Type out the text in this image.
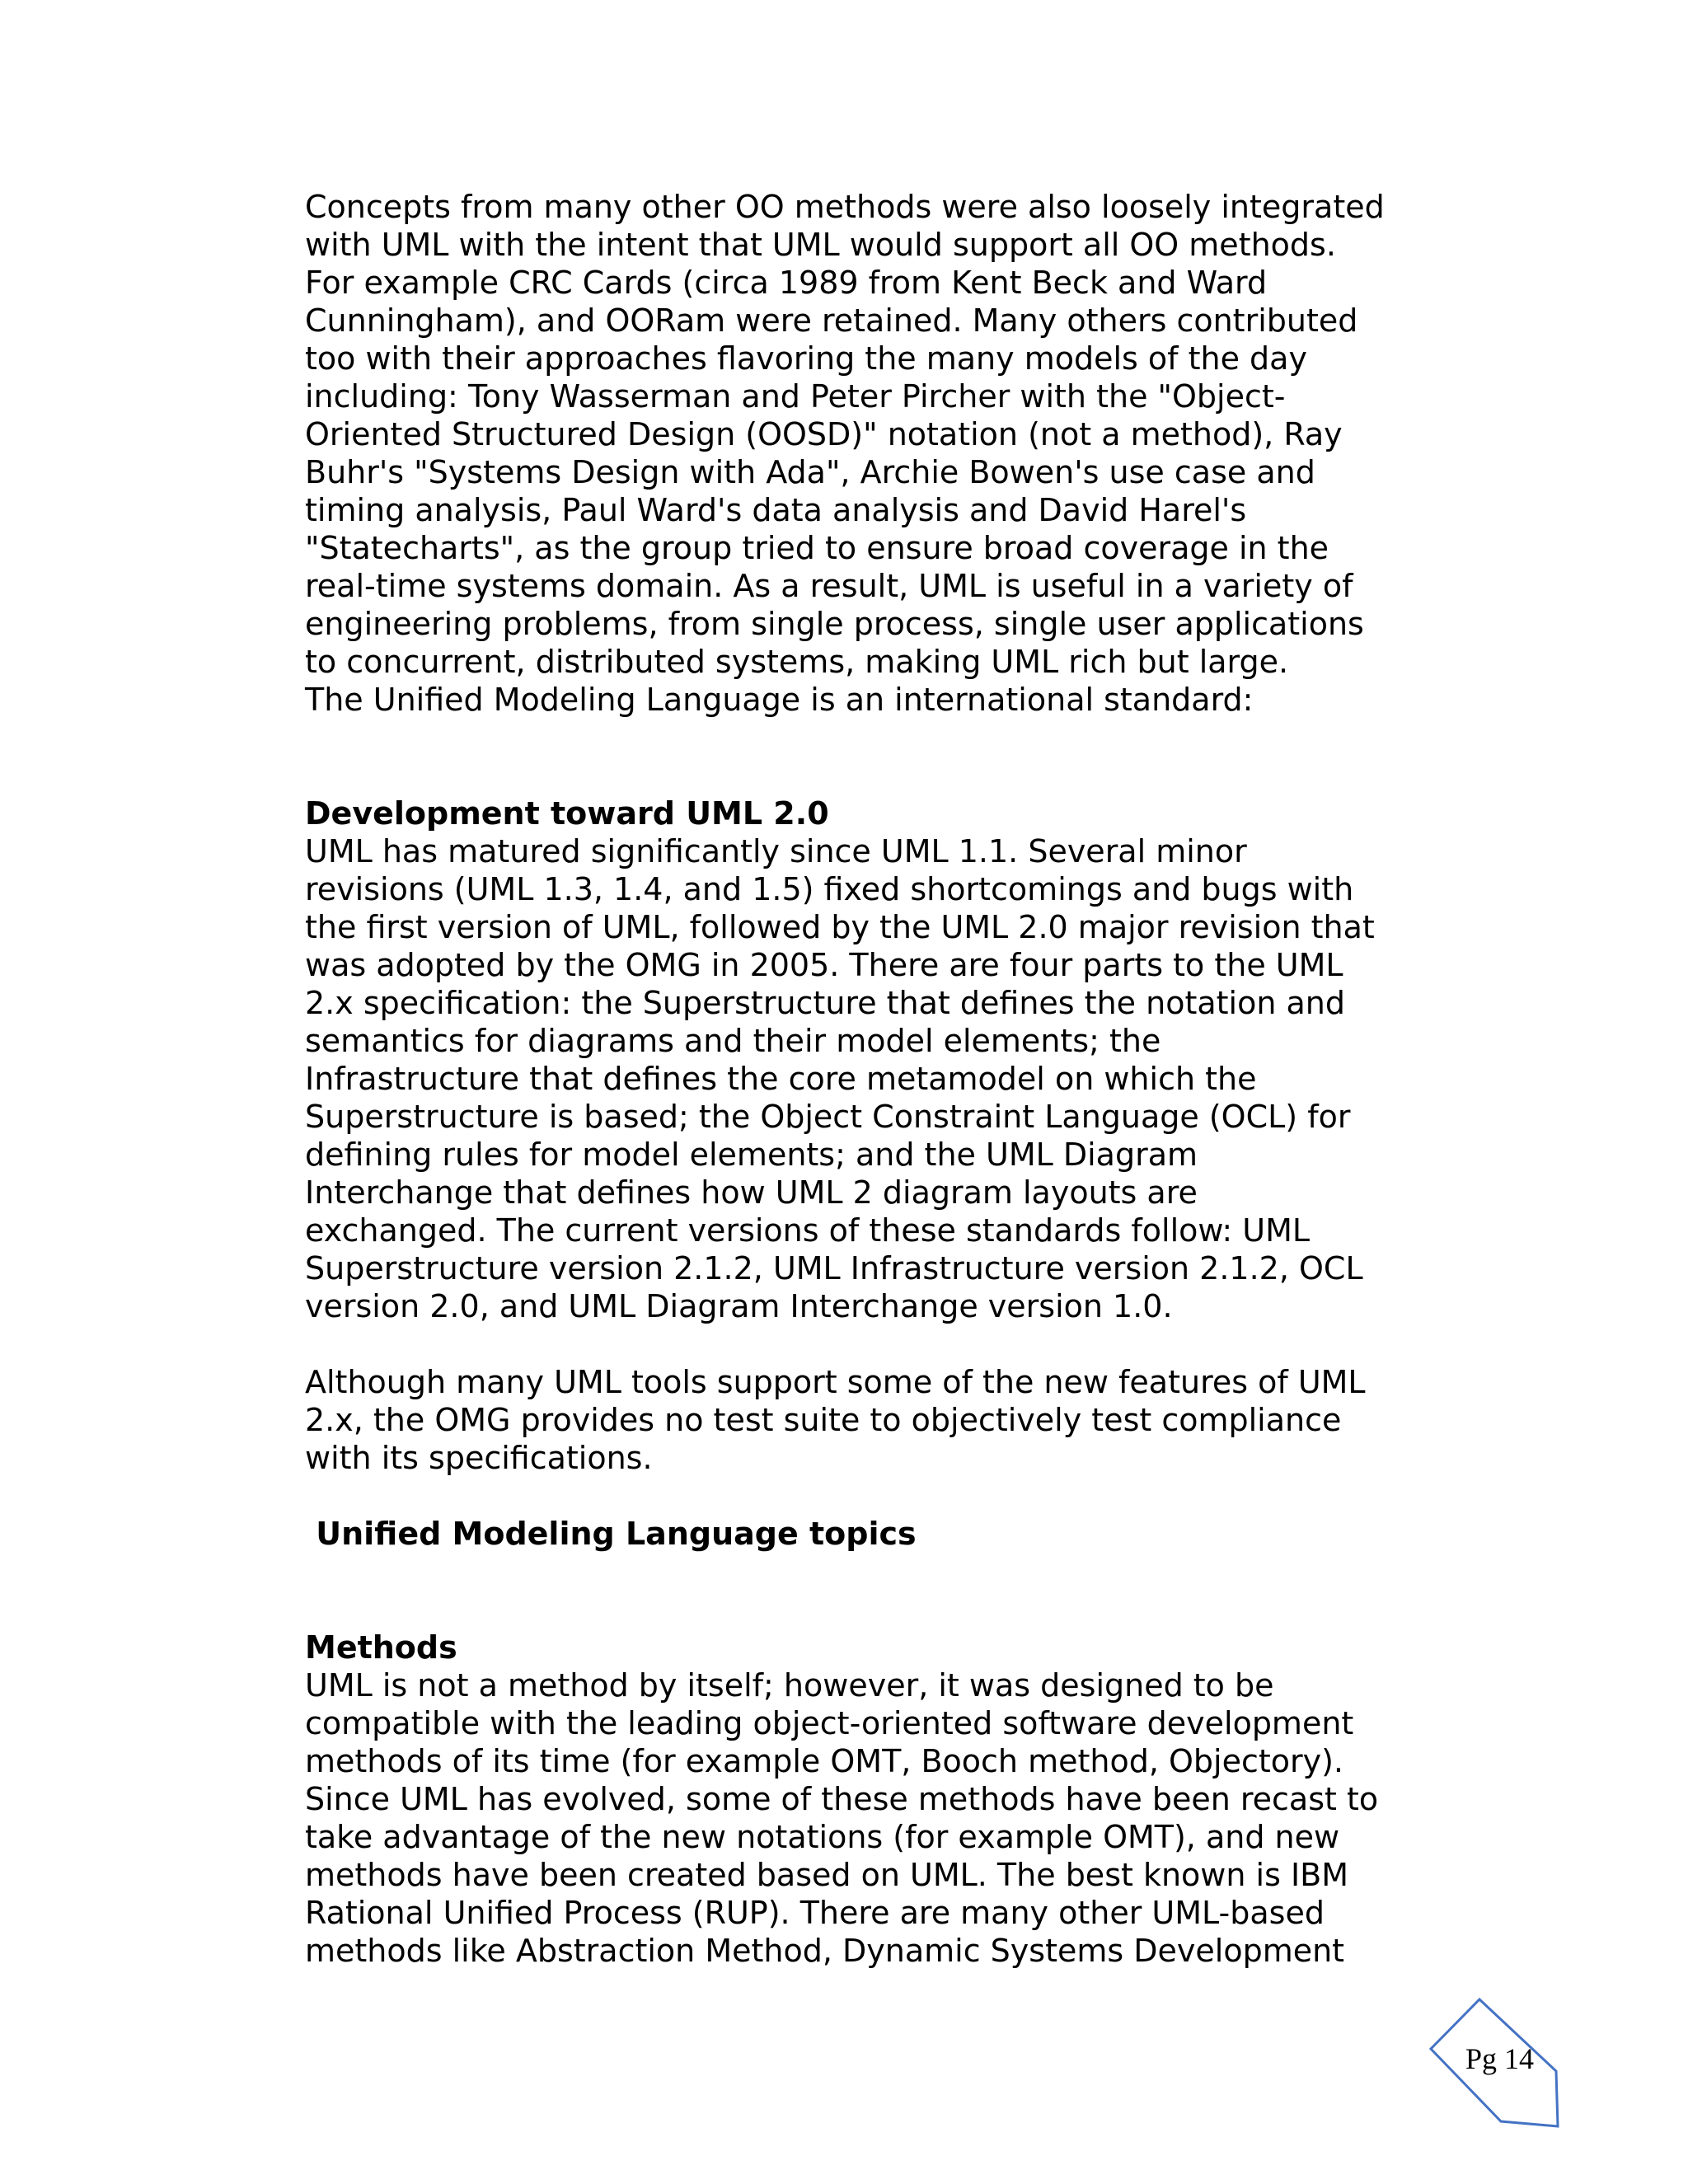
Concepts from many other OO methods were also loosely integrated

with UML with the intent that UML would support all OO methods.

For example CRC Cards (circa 1989 from Kent Beck and Ward

Cunningham), and OORam were retained. Many others contributed

too with their approaches flavoring the many models of the day

including: Tony Wasserman and Peter Pircher with the "Object-

Oriented Structured Design (OOSD)" notation (not a method), Ray

Buhr's "Systems Design with Ada", Archie Bowen's use case and

timing analysis, Paul Ward's data analysis and David Harel's

"Statecharts", as the group tried to ensure broad coverage in the

real-time systems domain. As a result, UML is useful in a variety of

engineering problems, from single process, single user applications

to concurrent, distributed systems, making UML rich but large.

The Unified Modeling Language is an international standard:

Development toward UML 2.0

UML has matured significantly since UML 1.1. Several minor

revisions (UML 1.3, 1.4, and 1.5) fixed shortcomings and bugs with

the first version of UML, followed by the UML 2.0 major revision that

was adopted by the OMG in 2005. There are four parts to the UML

2.x specification: the Superstructure that defines the notation and

semantics for diagrams and their model elements; the

Infrastructure that defines the core metamodel on which the

Superstructure is based; the Object Constraint Language (OCL) for

defining rules for model elements; and the UML Diagram

Interchange that defines how UML 2 diagram layouts are

exchanged. The current versions of these standards follow: UML

Superstructure version 2.1.2, UML Infrastructure version 2.1.2, OCL

version 2.0, and UML Diagram Interchange version 1.0.

Although many UML tools support some of the new features of UML

2.x, the OMG provides no test suite to objectively test compliance

with its specifications.

Unified Modeling Language topics

Methods

UML is not a method by itself; however, it was designed to be

compatible with the leading object-oriented software development

methods of its time (for example OMT, Booch method, Objectory).

Since UML has evolved, some of these methods have been recast to

take advantage of the new notations (for example OMT), and new

methods have been created based on UML. The best known is IBM

Rational Unified Process (RUP). There are many other UML-based

methods like Abstraction Method, Dynamic Systems Development

Pg 14
